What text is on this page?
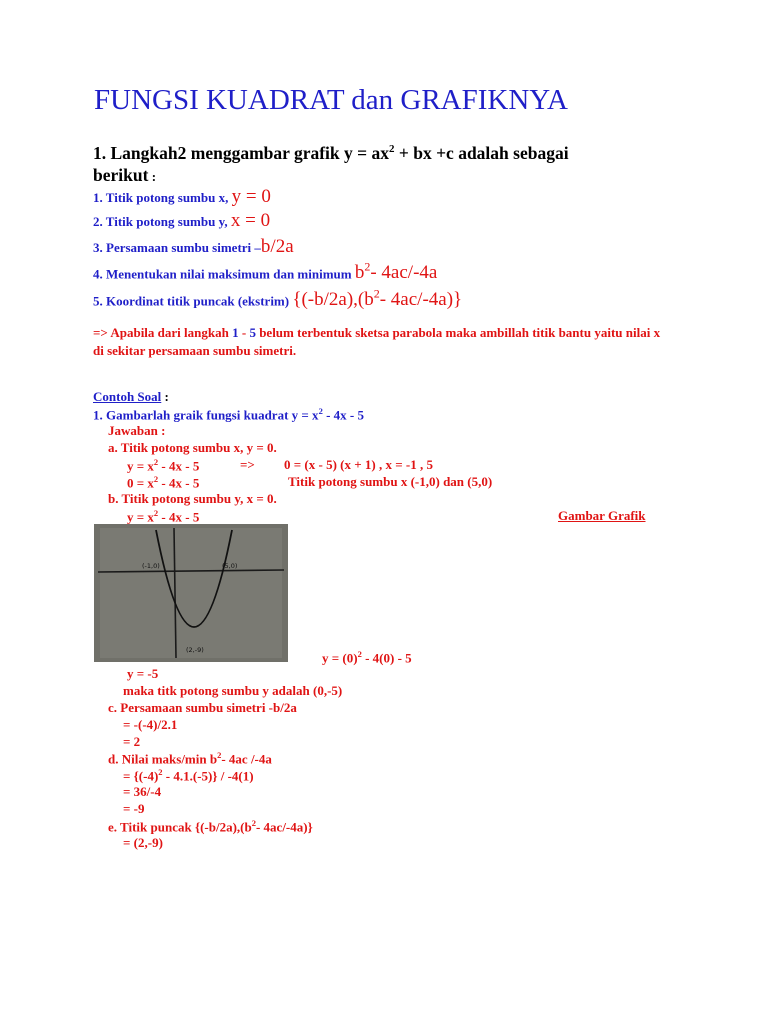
FUNGSI KUADRAT dan GRAFIKNYA
1. Langkah2 menggambar grafik $y = ax^2$ + bx +c adalah sebagai
berikut :
1. Titik potong sumbu x, y = 0
2. Titik potong sumbu y, x = 0
3. Persamaan sumbu simetri –b/2a
4. Menentukan nilai maksimum dan minimum $b^2-$ 4ac/-4a
5. Koordinat titik puncak (ekstrim) {$(-b/2a),(b^2-$ 4ac/-4a)}
=> Apabila dari langkah 1 - 5 belum terbentuk sketsa parabola maka ambillah titik bantu yaitu nilai x di sekitar persamaan sumbu simetri.
Contoh Soal :
1. Gambarlah graik fungsi kuadrat $y = x^2 - 4x - 5$
Jawaban :
a. Titik potong sumbu x, y = 0.
$y = x^2 - 4x - 5$	=> 0 = (x - 5) (x + 1) , x = -1 , 5
$0 = x^2 - 4x - 5$	Titik potong sumbu x (-1,0) dan (5,0)
b. Titik potong sumbu y, x = 0.
$y = x^2 - 4x - 5$	Gambar Grafik
(-1,0)	(5,0)
(2,-9)
$y = (0)^2 - 4(0) - 5$
y = -5
maka titk potong sumbu y adalah (0,-5)
c. Persamaan sumbu simetri -b/2a
= -(-4)/2.1
= 2
d. Nilai maks/min $b^2-$ 4ac /-4a
= $\{(-4)^2 - 4.1.(-5)\} / -4(1)$
= 36/-4
= -9
e. Titik puncak {$(-b/2a),(b^2-$ 4ac/-4a)}
= (2,-9)
